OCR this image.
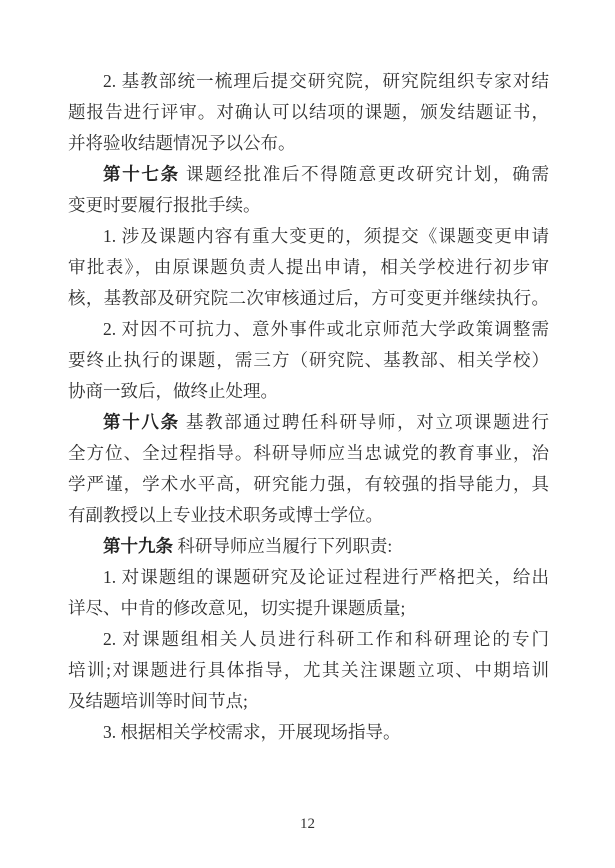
2. 基教部统一梳理后提交研究院，研究院组织专家对结
题报告进行评审。对确认可以结项的课题，颁发结题证书，
并将验收结题情况予以公布。
第十七条 课题经批准后不得随意更改研究计划，确需
变更时要履行报批手续。
1. 涉及课题内容有重大变更的，须提交《课题变更申请
审批表》，由原课题负责人提出申请，相关学校进行初步审
核，基教部及研究院二次审核通过后，方可变更并继续执行。
2. 对因不可抗力、意外事件或北京师范大学政策调整需
要终止执行的课题，需三方（研究院、基教部、相关学校）
协商一致后，做终止处理。
第十八条 基教部通过聘任科研导师，对立项课题进行
全方位、全过程指导。科研导师应当忠诚党的教育事业，治
学严谨，学术水平高，研究能力强，有较强的指导能力，具
有副教授以上专业技术职务或博士学位。
第十九条 科研导师应当履行下列职责:
1. 对课题组的课题研究及论证过程进行严格把关，给出
详尽、中肯的修改意见，切实提升课题质量;
2. 对课题组相关人员进行科研工作和科研理论的专门
培训;对课题进行具体指导，尤其关注课题立项、中期培训
及结题培训等时间节点;
3. 根据相关学校需求，开展现场指导。
12
